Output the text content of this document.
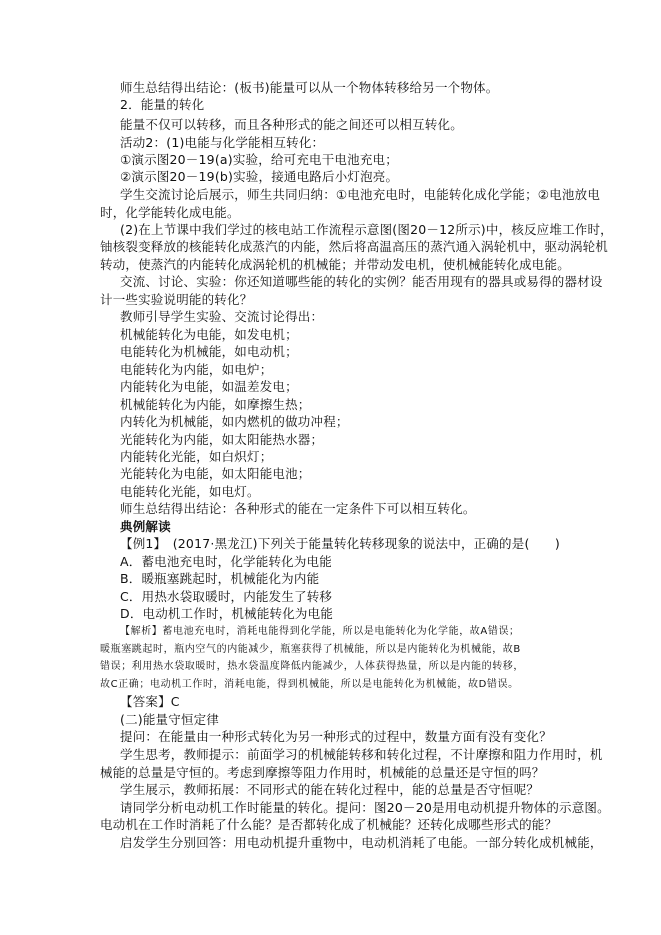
师生总结得出结论：(板书)能量可以从一个物体转移给另一个物体。
2．能量的转化
能量不仅可以转移，而且各种形式的能之间还可以相互转化。
活动2：(1)电能与化学能相互转化：
①演示图20－19(a)实验，给可充电干电池充电；
②演示图20－19(b)实验，接通电路后小灯泡亮。
学生交流讨论后展示，师生共同归纳：①电池充电时，电能转化成化学能；②电池放电
时，化学能转化成电能。
(2)在上节课中我们学过的核电站工作流程示意图(图20－12所示)中，核反应堆工作时，
铀核裂变释放的核能转化成蒸汽的内能，然后将高温高压的蒸汽通入涡轮机中，驱动涡轮机
转动，使蒸汽的内能转化成涡轮机的机械能；并带动发电机，使机械能转化成电能。
交流、讨论、实验：你还知道哪些能的转化的实例？能否用现有的器具或易得的器材设
计一些实验说明能的转化？
教师引导学生实验、交流讨论得出：
机械能转化为电能，如发电机；
电能转化为机械能，如电动机；
电能转化为内能，如电炉；
内能转化为电能，如温差发电；
机械能转化为内能，如摩擦生热；
内转化为机械能，如内燃机的做功冲程；
光能转化为内能，如太阳能热水器；
内能转化光能，如白炽灯；
光能转化为电能，如太阳能电池；
电能转化光能，如电灯。
师生总结得出结论：各种形式的能在一定条件下可以相互转化。
典例解读
【例1】　(2017·黑龙江)下列关于能量转化转移现象的说法中，正确的是(　　)
A．蓄电池充电时，化学能转化为电能
B．暖瓶塞跳起时，机械能化为内能
C．用热水袋取暖时，内能发生了转移
D．电动机工作时，机械能转化为电能
【解析】蓄电池充电时，消耗电能得到化学能，所以是电能转化为化学能，故A错误；
暖瓶塞跳起时，瓶内空气的内能减少，瓶塞获得了机械能，所以是内能转化为机械能，故B
错误；利用热水袋取暖时，热水袋温度降低内能减少，人体获得热量，所以是内能的转移，
故C正确；电动机工作时，消耗电能，得到机械能，所以是电能转化为机械能，故D错误。
【答案】C
(二)能量守恒定律
提问：在能量由一种形式转化为另一种形式的过程中，数量方面有没有变化？
学生思考，教师提示：前面学习的机械能转移和转化过程，不计摩擦和阻力作用时，机
械能的总量是守恒的。考虑到摩擦等阻力作用时，机械能的总量还是守恒的吗？
学生展示，教师拓展：不同形式的能在转化过程中，能的总量是否守恒呢？
请同学分析电动机工作时能量的转化。提问：图20－20是用电动机提升物体的示意图。
电动机在工作时消耗了什么能？是否都转化成了机械能？还转化成哪些形式的能？
启发学生分别回答：用电动机提升重物中，电动机消耗了电能。一部分转化成机械能，
